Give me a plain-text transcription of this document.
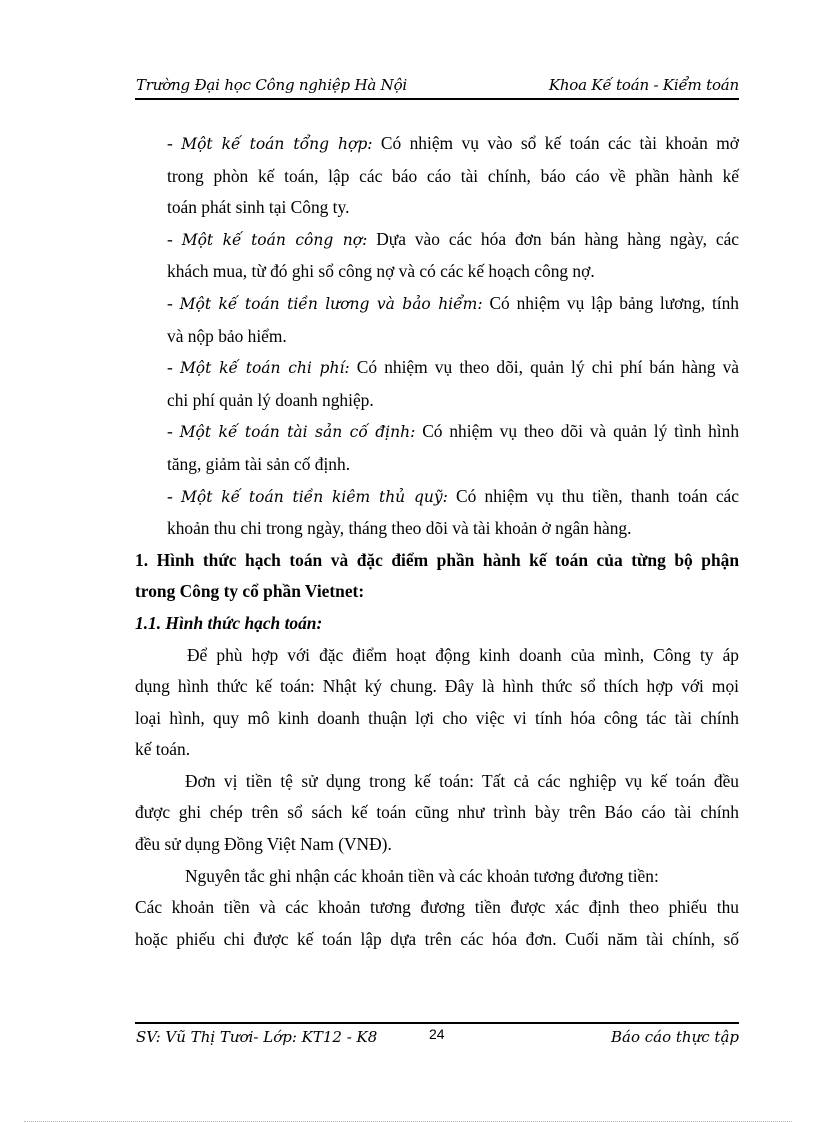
Trường Đại học Công nghiệp Hà Nội	Khoa Kế toán - Kiểm toán
- Một kế toán tổng hợp: Có nhiệm vụ vào sổ kế toán các tài khoản mở
trong phòn kế toán, lập các báo cáo tài chính, báo cáo về phần hành kế
toán phát sinh tại Công ty.
- Một kế toán công nợ: Dựa vào các hóa đơn bán hàng hàng ngày, các
khách mua, từ đó ghi sổ công nợ và có các kế hoạch công nợ.
- Một kế toán tiền lương và bảo hiểm: Có nhiệm vụ lập bảng lương, tính
và nộp bảo hiểm.
- Một kế toán chi phí: Có nhiệm vụ theo dõi, quản lý chi phí bán hàng và
chi phí quản lý doanh nghiệp.
- Một kế toán tài sản cố định: Có nhiệm vụ theo dõi và quản lý tình hình
tăng, giảm tài sản cố định.
- Một kế toán tiền kiêm thủ quỹ: Có nhiệm vụ thu tiền, thanh toán các
khoản thu chi trong ngày, tháng theo dõi và tài khoản ở ngân hàng.
1. Hình thức hạch toán và đặc điểm phần hành kế toán của từng bộ phận
trong Công ty cổ phần Vietnet:
1.1. Hình thức hạch toán:
Để phù hợp với đặc điểm hoạt động kinh doanh của mình, Công ty áp
dụng hình thức kế toán: Nhật ký chung. Đây là hình thức sổ thích hợp với mọi
loại hình, quy mô kinh doanh thuận lợi cho việc vi tính hóa công tác tài chính
kế toán.
Đơn vị tiền tệ sử dụng trong kế toán: Tất cả các nghiệp vụ kế toán đều
được ghi chép trên sổ sách kế toán cũng như trình bày trên Báo cáo tài chính
đều sử dụng Đồng Việt Nam (VNĐ).
Nguyên tắc ghi nhận các khoản tiền và các khoản tương đương tiền:
Các khoản tiền và các khoản tương đương tiền được xác định theo phiếu thu
hoặc phiếu chi được kế toán lập dựa trên các hóa đơn. Cuối năm tài chính, số
SV: Vũ Thị Tươi- Lớp: KT12 - K8	24	Báo cáo thực tập
